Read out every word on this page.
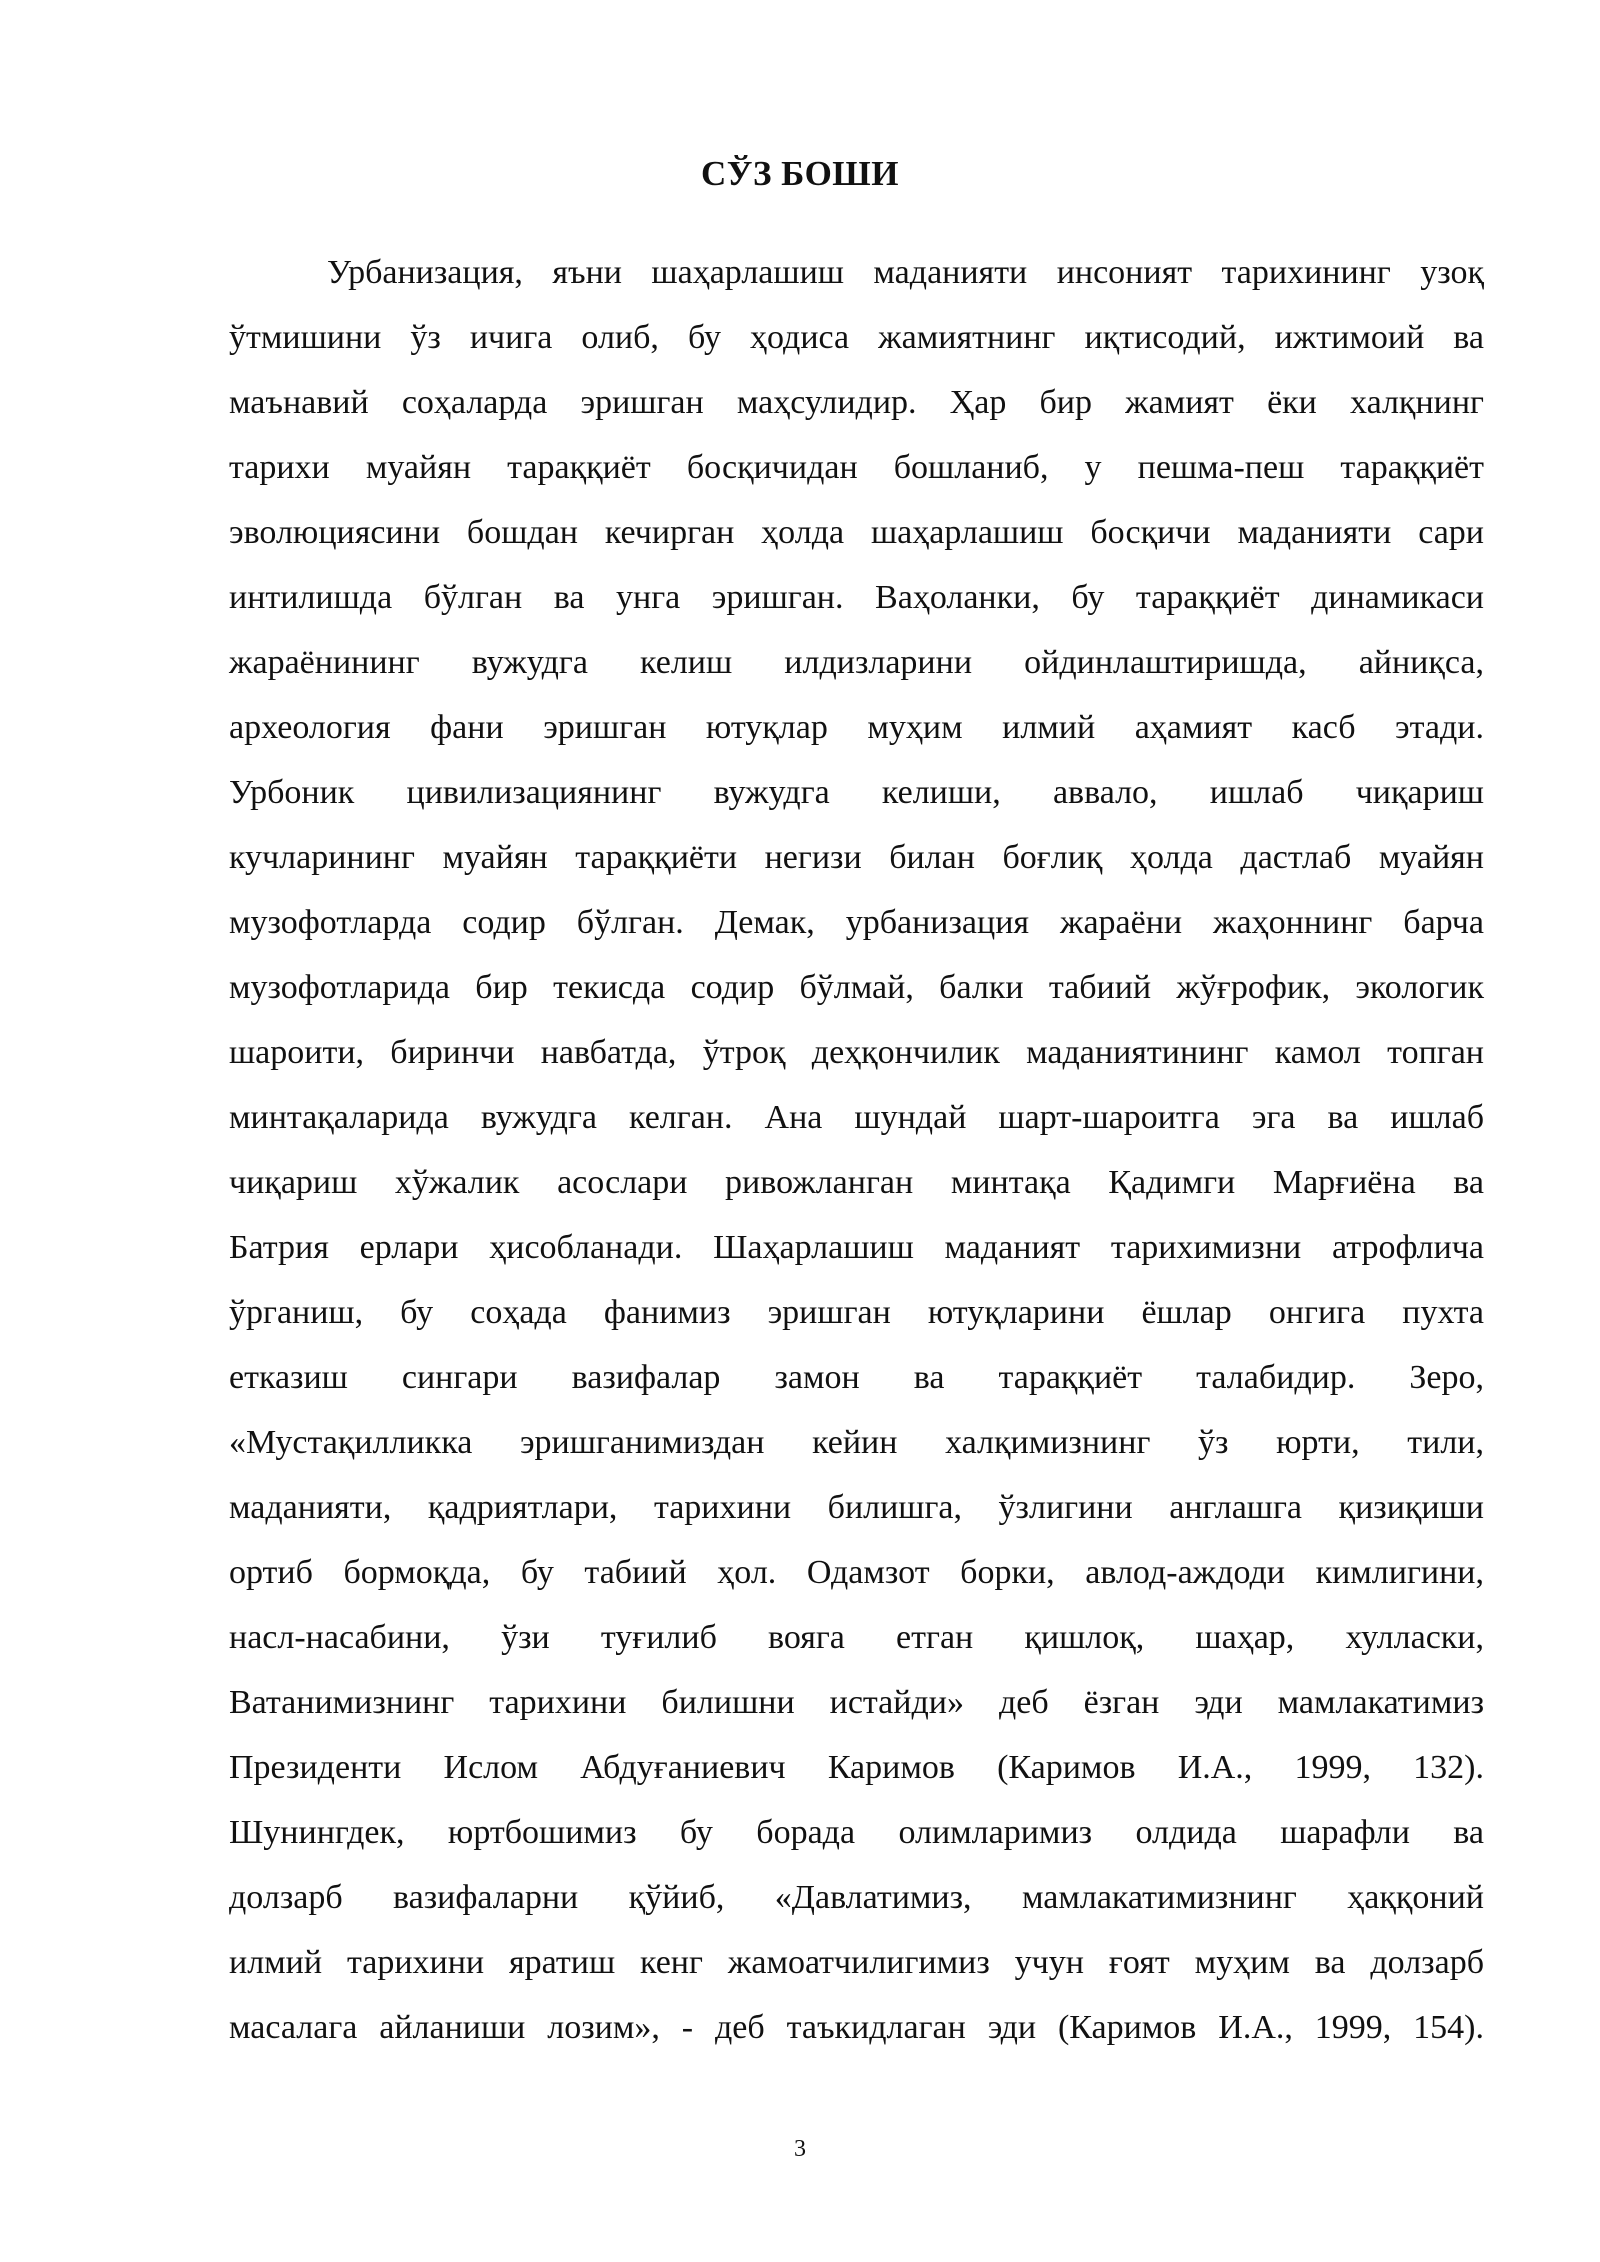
СЎЗ БОШИ
Урбанизация, яъни шаҳарлашиш маданияти инсоният тарихининг узоқ
ўтмишини ўз ичига олиб, бу ҳодиса жамиятнинг иқтисодий, ижтимоий ва
маънавий соҳаларда эришган маҳсулидир. Ҳар бир жамият ёки халқнинг
тарихи муайян тараққиёт босқичидан бошланиб, у пешма-пеш тараққиёт
эволюциясини бошдан кечирган ҳолда шаҳарлашиш босқичи маданияти сари
интилишда бўлган ва унга эришган. Ваҳоланки, бу тараққиёт динамикаси
жараёнининг вужудга келиш илдизларини ойдинлаштиришда, айниқса,
археология фани эришган ютуқлар муҳим илмий аҳамият касб этади.
Урбоник цивилизациянинг вужудга келиши, аввало, ишлаб чиқариш
кучларининг муайян тараққиёти негизи билан боғлиқ ҳолда дастлаб муайян
музофотларда содир бўлган. Демак, урбанизация жараёни жаҳоннинг барча
музофотларида бир текисда содир бўлмай, балки табиий жўғрофик, экологик
шароити, биринчи навбатда, ўтроқ деҳқончилик маданиятининг камол топган
минтақаларида вужудга келган. Ана шундай шарт-шароитга эга ва ишлаб
чиқариш хўжалик асослари ривожланган минтақа Қадимги Марғиёна ва
Батрия ерлари ҳисобланади. Шаҳарлашиш маданият тарихимизни атрофлича
ўрганиш, бу соҳада фанимиз эришган ютуқларини ёшлар онгига пухта
етказиш сингари вазифалар замон ва тараққиёт талабидир. Зеро,
«Мустақилликка эришганимиздан кейин халқимизнинг ўз юрти, тили,
маданияти, қадриятлари, тарихини билишга, ўзлигини англашга қизиқиши
ортиб бормоқда, бу табиий ҳол. Одамзот борки, авлод-аждоди кимлигини,
насл-насабини, ўзи туғилиб вояга етган қишлоқ, шаҳар, хулласки,
Ватанимизнинг тарихини билишни истайди» деб ёзган эди мамлакатимиз
Президенти Ислом Абдуғаниевич Каримов (Каримов И.А., 1999, 132).
Шунингдек, юртбошимиз бу борада олимларимиз олдида шарафли ва
долзарб вазифаларни қўйиб, «Давлатимиз, мамлакатимизнинг ҳаққоний
илмий тарихини яратиш кенг жамоатчилигимиз учун ғоят муҳим ва долзарб
масалага айланиши лозим», - деб таъкидлаган эди (Каримов И.А., 1999, 154).
3
